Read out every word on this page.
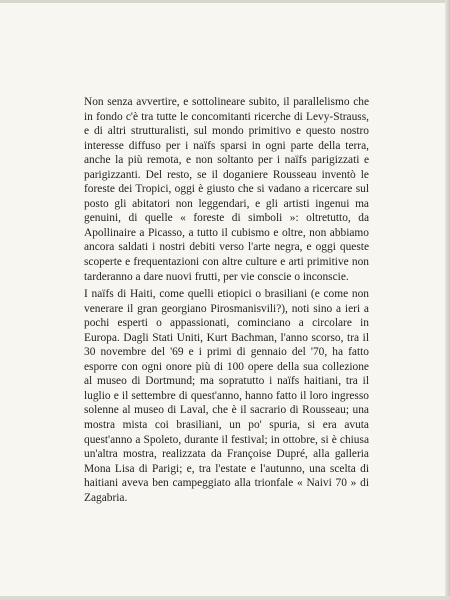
Non senza avvertire, e sottolineare subito, il parallelismo che in fondo c'è tra tutte le concomitanti ricerche di Levy-Strauss, e di altri strutturalisti, sul mondo primitivo e questo nostro interesse diffuso per i naïfs sparsi in ogni parte della terra, anche la più remota, e non soltanto per i naïfs parigizzati e parigizzanti. Del resto, se il doganiere Rousseau inventò le foreste dei Tropici, oggi è giusto che si vadano a ricercare sul posto gli abitatori non leggendari, e gli artisti ingenui ma genuini, di quelle « foreste di simboli »: oltretutto, da Apollinaire a Picasso, a tutto il cubismo e oltre, non abbiamo ancora saldati i nostri debiti verso l'arte negra, e oggi queste scoperte e frequentazioni con altre culture e arti primitive non tarderanno a dare nuovi frutti, per vie conscie o inconscie.

I naïfs di Haiti, come quelli etiopici o brasiliani (e come non venerare il gran georgiano Pirosmanisvili?), noti sino a ieri a pochi esperti o appassionati, cominciano a circolare in Europa. Dagli Stati Uniti, Kurt Bachman, l'anno scorso, tra il 30 novembre del '69 e i primi di gennaio del '70, ha fatto esporre con ogni onore più di 100 opere della sua collezione al museo di Dortmund; ma sopratutto i naïfs haitiani, tra il luglio e il settembre di quest'anno, hanno fatto il loro ingresso solenne al museo di Laval, che è il sacrario di Rousseau; una mostra mista coi brasiliani, un po' spuria, si era avuta quest'anno a Spoleto, durante il festival; in ottobre, si è chiusa un'altra mostra, realizzata da Françoise Dupré, alla galleria Mona Lisa di Parigi; e, tra l'estate e l'autunno, una scelta di haitiani aveva ben campeggiato alla trionfale « Naivi 70 » di Zagabria.
